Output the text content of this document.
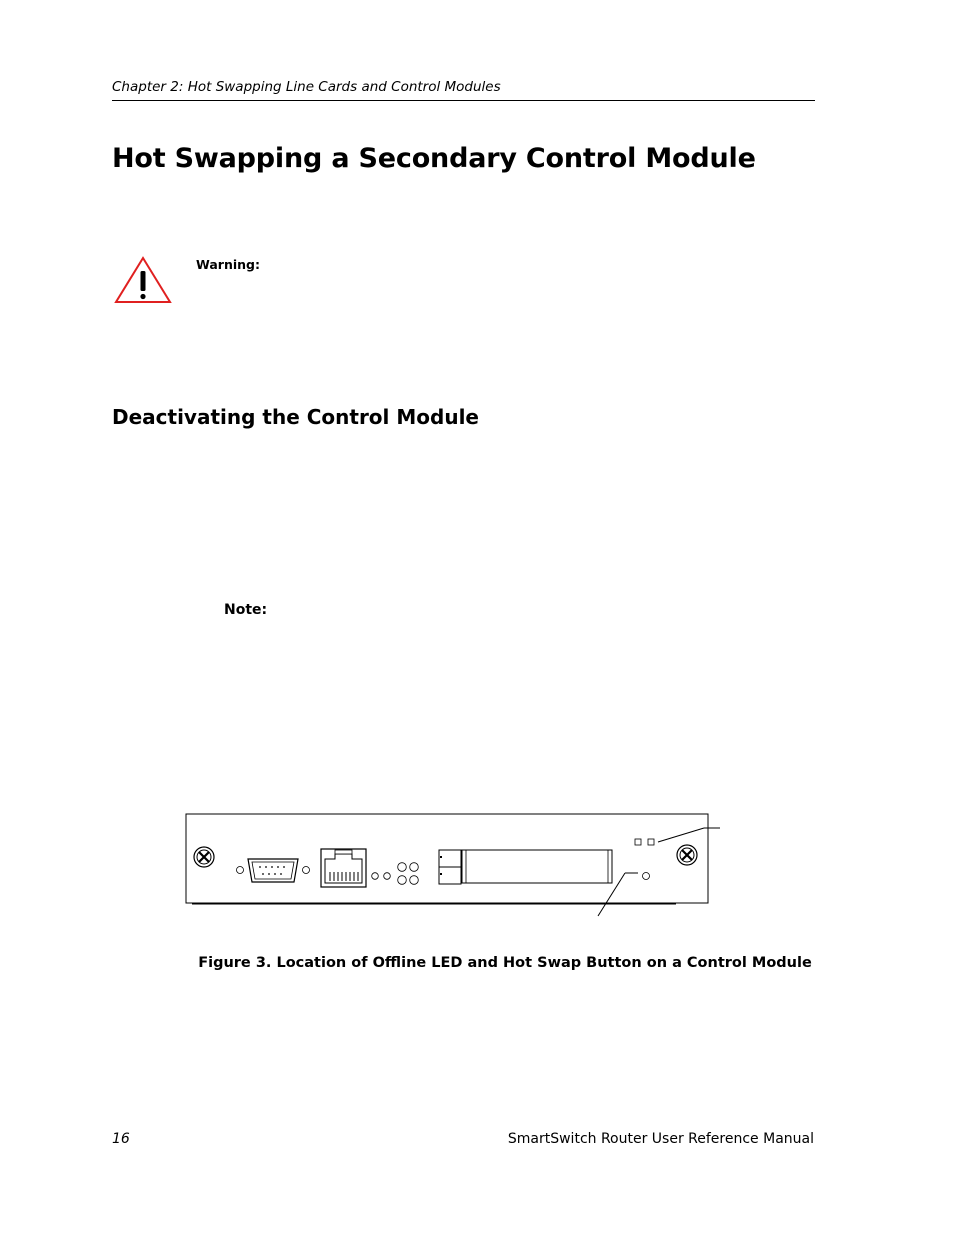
Chapter 2: Hot Swapping Line Cards and Control Modules
Hot Swapping a Secondary Control Module
Warning:
Deactivating the Control Module
Note:
Figure 3. Location of Offline LED and Hot Swap Button on a Control Module
16	SmartSwitch Router User Reference Manual
